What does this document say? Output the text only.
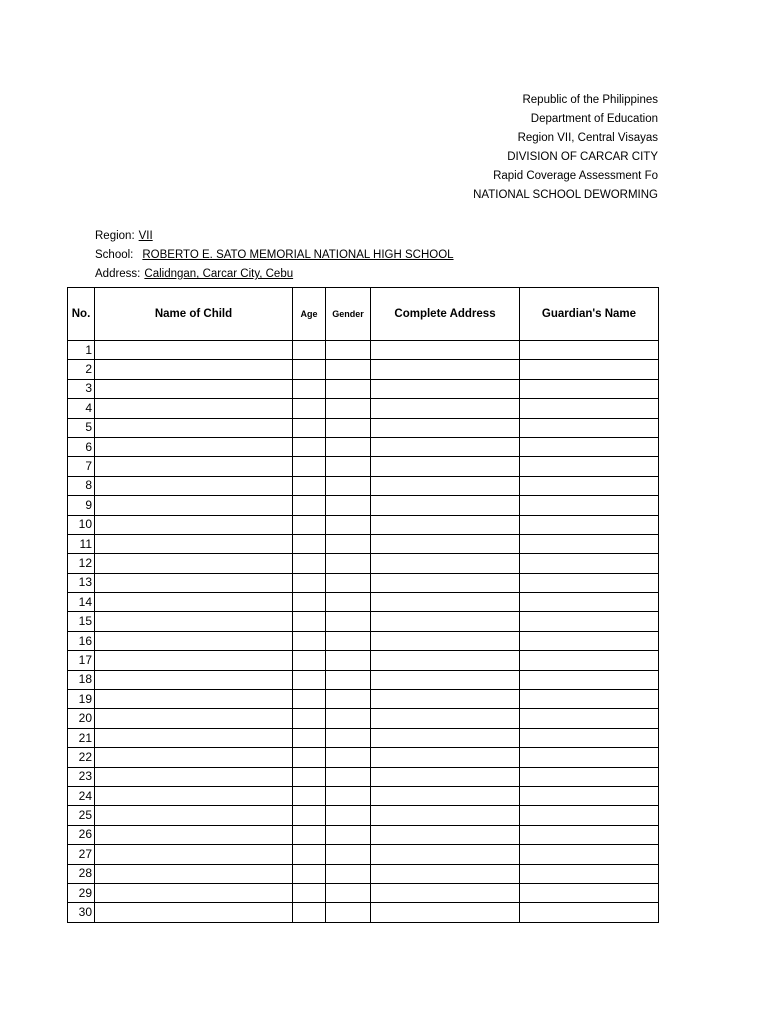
Republic of the Philippines
Department of Education
Region VII, Central Visayas
DIVISION OF CARCAR CITY
Rapid Coverage Assessment Fo
NATIONAL SCHOOL DEWORMING
Region: VII
School: ROBERTO E. SATO MEMORIAL NATIONAL HIGH SCHOOL
Address: Calidngan, Carcar City, Cebu
No.	Name of Child	Age	Gender	Complete Address	Guardian's Name
1					
2					
3					
4					
5					
6					
7					
8					
9					
10					
11					
12					
13					
14					
15					
16					
17					
18					
19					
20					
21					
22					
23					
24					
25					
26					
27					
28					
29					
30					
